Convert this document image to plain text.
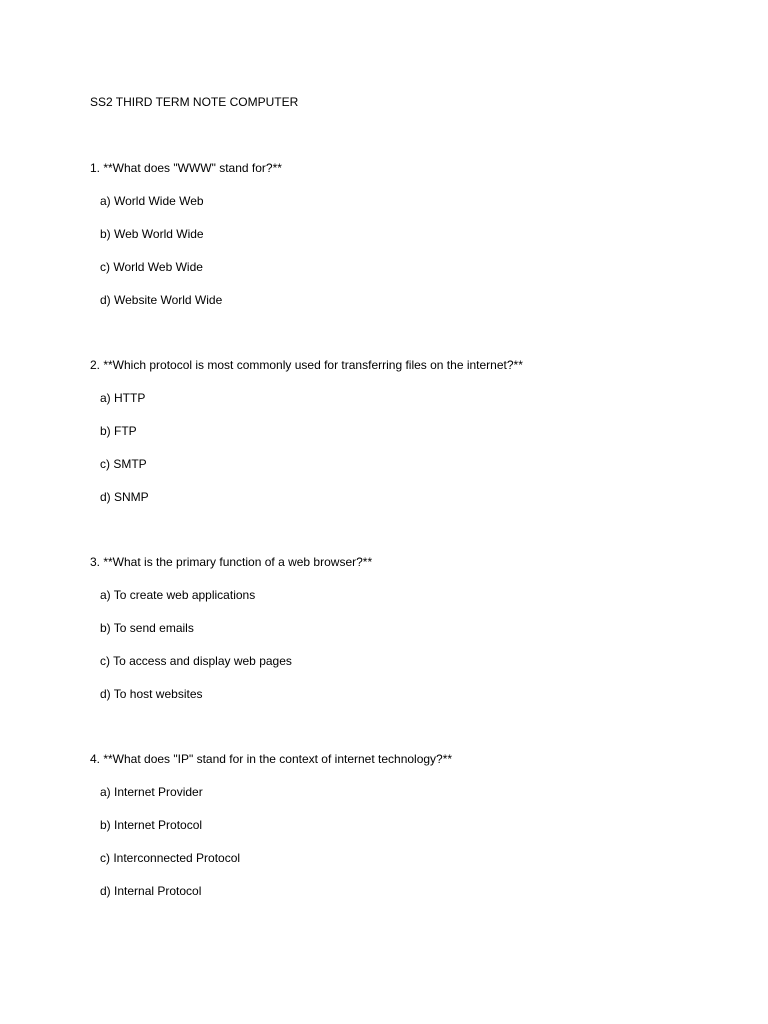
SS2 THIRD TERM NOTE COMPUTER
1. **What does "WWW" stand for?**
a) World Wide Web
b) Web World Wide
c) World Web Wide
d) Website World Wide
2. **Which protocol is most commonly used for transferring files on the internet?**
a) HTTP
b) FTP
c) SMTP
d) SNMP
3. **What is the primary function of a web browser?**
a) To create web applications
b) To send emails
c) To access and display web pages
d) To host websites
4. **What does "IP" stand for in the context of internet technology?**
a) Internet Provider
b) Internet Protocol
c) Interconnected Protocol
d) Internal Protocol
